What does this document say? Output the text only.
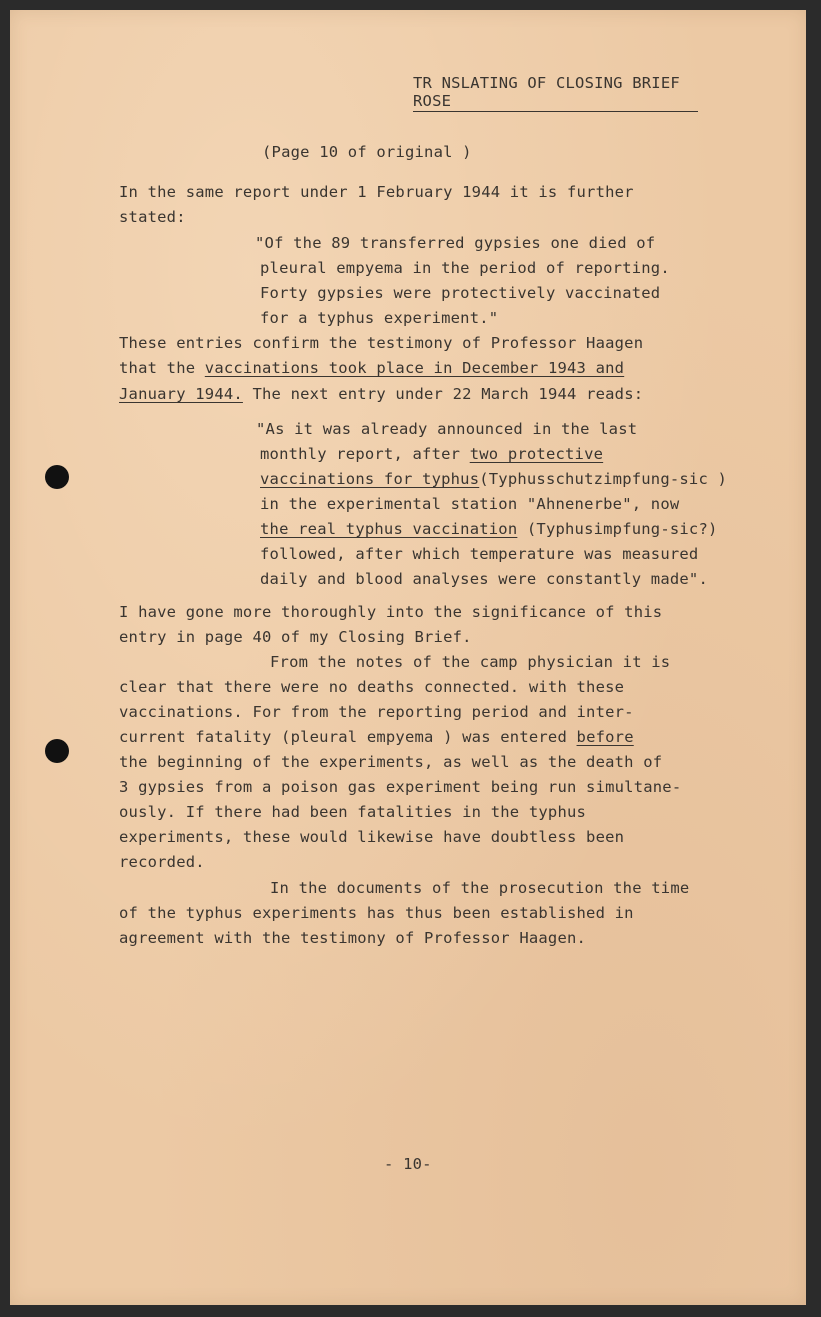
TR NSLATING OF CLOSING BRIEF
ROSE
(Page 10 of original )
In the same report under 1 February 1944 it is further
stated:
"Of the 89 transferred gypsies one died of
pleural empyema in the period of reporting.
Forty gypsies were protectively vaccinated
for a typhus experiment."
These entries confirm the testimony of Professor Haagen
that the vaccinations took place in December 1943 and
January 1944. The next entry under 22 March 1944 reads:
"As it was already announced in the last
monthly report, after two protective
vaccinations for typhus(Typhusschutzimpfung-sic )
in the experimental station "Ahnenerbe", now
the real typhus vaccination (Typhusimpfung-sic?)
followed, after which temperature was measured
daily and blood analyses were constantly made".
I have gone more thoroughly into the significance of this
entry in page 40 of my Closing Brief.
From the notes of the camp physician it is
clear that there were no deaths connected. with these
vaccinations. For from the reporting period and inter-
current fatality (pleural empyema ) was entered before
the beginning of the experiments, as well as the death of
3 gypsies from a poison gas experiment being run simultane-
ously. If there had been fatalities in the typhus
experiments, these would likewise have doubtless been
recorded.
In the documents of the prosecution the time
of the typhus experiments has thus been established in
agreement with the testimony of Professor Haagen.
- 10-
